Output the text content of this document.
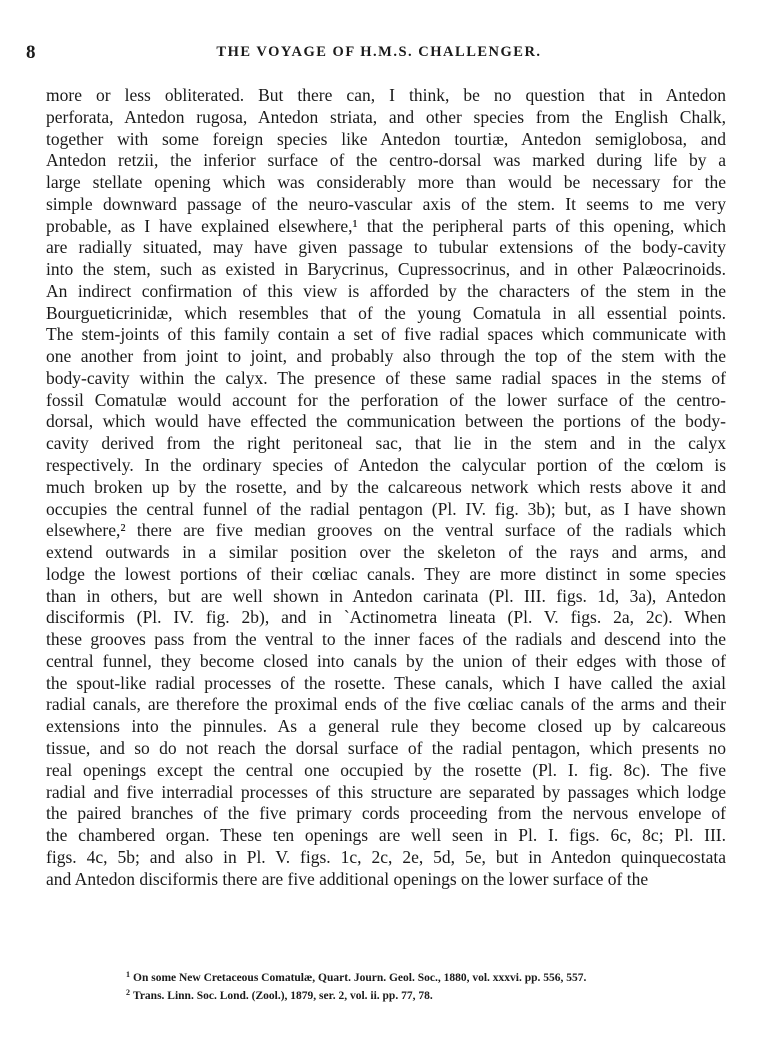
8	THE VOYAGE OF H.M.S. CHALLENGER.
more or less obliterated. But there can, I think, be no question that in Antedon
perforata, Antedon rugosa, Antedon striata, and other species from the English Chalk,
together with some foreign species like Antedon tourtiæ, Antedon semiglobosa, and
Antedon retzii, the inferior surface of the centro-dorsal was marked during life by a
large stellate opening which was considerably more than would be necessary for the
simple downward passage of the neuro-vascular axis of the stem. It seems to me very
probable, as I have explained elsewhere,¹ that the peripheral parts of this opening, which
are radially situated, may have given passage to tubular extensions of the body-cavity
into the stem, such as existed in Barycrinus, Cupressocrinus, and in other Palæocrinoids.
An indirect confirmation of this view is afforded by the characters of the stem in the
Bourgueticrinidæ, which resembles that of the young Comatula in all essential points.
The stem-joints of this family contain a set of five radial spaces which communicate with
one another from joint to joint, and probably also through the top of the stem with the
body-cavity within the calyx. The presence of these same radial spaces in the stems of
fossil Comatulæ would account for the perforation of the lower surface of the centro-
dorsal, which would have effected the communication between the portions of the body-
cavity derived from the right peritoneal sac, that lie in the stem and in the calyx
respectively. In the ordinary species of Antedon the calycular portion of the cœlom is
much broken up by the rosette, and by the calcareous network which rests above it and
occupies the central funnel of the radial pentagon (Pl. IV. fig. 3b); but, as I have shown
elsewhere,² there are five median grooves on the ventral surface of the radials which
extend outwards in a similar position over the skeleton of the rays and arms, and
lodge the lowest portions of their cœliac canals. They are more distinct in some species
than in others, but are well shown in Antedon carinata (Pl. III. figs. 1d, 3a), Antedon
disciformis (Pl. IV. fig. 2b), and in `Actinometra lineata (Pl. V. figs. 2a, 2c). When
these grooves pass from the ventral to the inner faces of the radials and descend into the
central funnel, they become closed into canals by the union of their edges with those of
the spout-like radial processes of the rosette. These canals, which I have called the axial
radial canals, are therefore the proximal ends of the five cœliac canals of the arms and their
extensions into the pinnules. As a general rule they become closed up by calcareous
tissue, and so do not reach the dorsal surface of the radial pentagon, which presents no
real openings except the central one occupied by the rosette (Pl. I. fig. 8c). The five
radial and five interradial processes of this structure are separated by passages which lodge
the paired branches of the five primary cords proceeding from the nervous envelope of
the chambered organ. These ten openings are well seen in Pl. I. figs. 6c, 8c; Pl. III.
figs. 4c, 5b; and also in Pl. V. figs. 1c, 2c, 2e, 5d, 5e, but in Antedon quinquecostata
and Antedon disciformis there are five additional openings on the lower surface of the
$^1$ On some New Cretaceous Comatulæ, Quart. Journ. Geol. Soc., 1880, vol. xxxvi. pp. 556, 557.
$^2$ Trans. Linn. Soc. Lond. (Zool.), 1879, ser. 2, vol. ii. pp. 77, 78.
